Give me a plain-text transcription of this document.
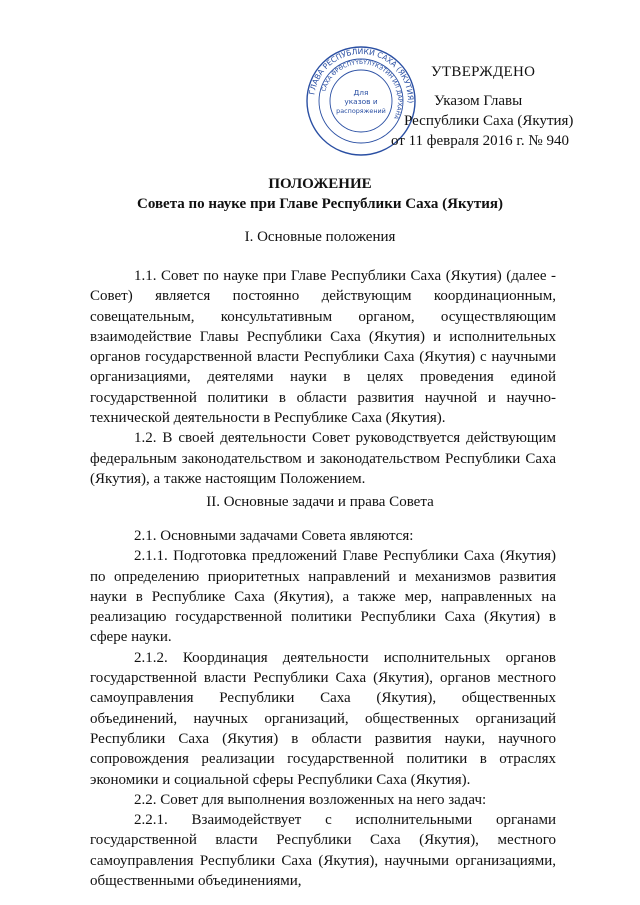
ГЛАВА РЕСПУБЛИКИ САХА (ЯКУТИЯ)
САХА ӨРӨСПҮҮБҮЛҮКЭТИН ИЛ ДАРХАНА
Для
указов и
распоряжений
УТВЕРЖДЕНО
Указом Главы
Республики Саха (Якутия)
от 11 февраля 2016 г. № 940
ПОЛОЖЕНИЕ
Совета по науке при Главе Республики Саха (Якутия)
I. Основные положения

1.1. Совет по науке при Главе Республики Саха (Якутия) (далее - Совет) является постоянно действующим координационным, совещательным, консультативным органом, осуществляющим взаимодействие Главы Республики Саха (Якутия) и исполнительных органов государственной власти Республики Саха (Якутия) с научными организациями, деятелями науки в целях проведения единой государственной политики в области развития научной и научно-технической деятельности в Республике Саха (Якутия).

1.2. В своей деятельности Совет руководствуется действующим федеральным законодательством и законодательством Республики Саха (Якутия), а также настоящим Положением.

II. Основные задачи и права Совета

2.1. Основными задачами Совета являются:

2.1.1. Подготовка предложений Главе Республики Саха (Якутия) по определению приоритетных направлений и механизмов развития науки в Республике Саха (Якутия), а также мер, направленных на реализацию государственной политики Республики Саха (Якутия) в сфере науки.

2.1.2. Координация деятельности исполнительных органов государственной власти Республики Саха (Якутия), органов местного самоуправления Республики Саха (Якутия), общественных объединений, научных организаций, общественных организаций Республики Саха (Якутия) в области развития науки, научного сопровождения реализации государственной политики в отраслях экономики и социальной сферы Республики Саха (Якутия).

2.2. Совет для выполнения возложенных на него задач:

2.2.1. Взаимодействует с исполнительными органами государственной власти Республики Саха (Якутия), местного самоуправления Республики Саха (Якутия), научными организациями, общественными объединениями,
